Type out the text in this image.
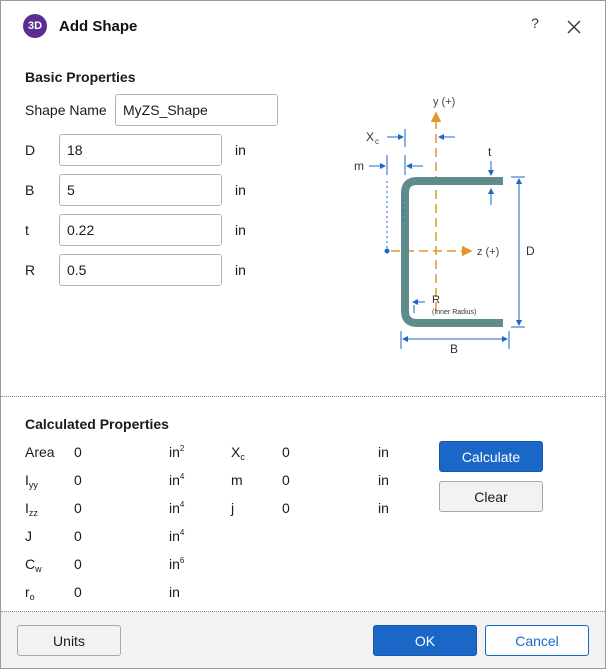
3D	Add Shape	?
Basic Properties
Shape Name
MyZS_Shape
D
18	in
B
5	in
t
0.22	in
R
0.5	in
y (+)
z (+)
X c
m
t
D
B
R
(Inner Radius)
Calculated Properties
Area 0	$in^2$
$I_{yy}$	0	$in^4$
$I_{zz}$	0	$in^4$
J	0	$in^4$
$C_w$ 0	$in^6$
$r_o$	0	in
$X_c$	0	in
m	0	in
j	0	in
Calculate
Clear
Units	OK	Cancel
